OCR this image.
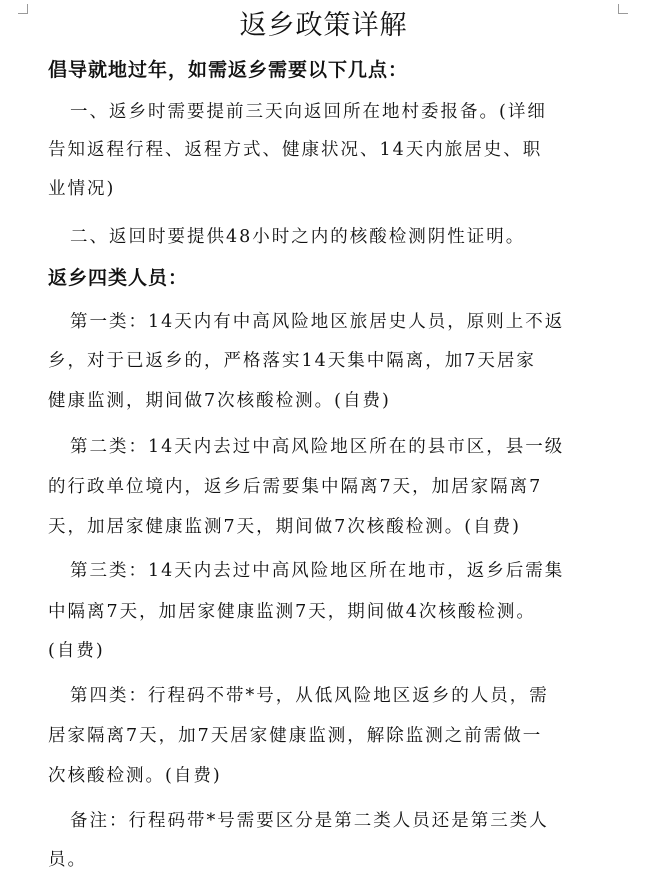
返乡政策详解

倡导就地过年，如需返乡需要以下几点：

一、返乡时需要提前三天向返回所在地村委报备。(详细

告知返程行程、返程方式、健康状况、14天内旅居史、职

业情况)

二、返回时要提供48小时之内的核酸检测阴性证明。

返乡四类人员：

第一类：14天内有中高风险地区旅居史人员，原则上不返

乡，对于已返乡的，严格落实14天集中隔离，加7天居家

健康监测，期间做7次核酸检测。(自费)

第二类：14天内去过中高风险地区所在的县市区，县一级

的行政单位境内，返乡后需要集中隔离7天，加居家隔离7

天，加居家健康监测7天，期间做7次核酸检测。(自费)

第三类：14天内去过中高风险地区所在地市，返乡后需集

中隔离7天，加居家健康监测7天，期间做4次核酸检测。

(自费)

第四类：行程码不带*号，从低风险地区返乡的人员，需

居家隔离7天，加7天居家健康监测，解除监测之前需做一

次核酸检测。(自费)

备注：行程码带*号需要区分是第二类人员还是第三类人

员。
